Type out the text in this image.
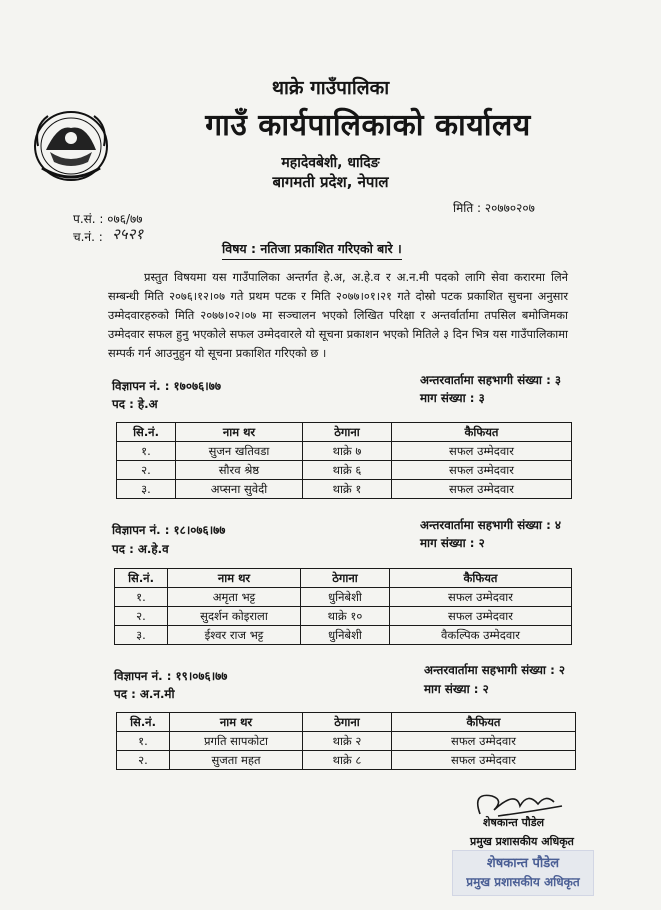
थाक्रे गाउँपालिका
गाउँ कार्यपालिकाको कार्यालय
महादेवबेशी, धादिङ
बागमती प्रदेश, नेपाल
मिति : २०७७०२०७
प.सं. : ०७६/७७
च.नं. : २५२१
विषय : नतिजा प्रकाशित गरिएको बारे ।
प्रस्तुत विषयमा यस गाउँपालिका अन्तर्गत हे.अ, अ.हे.व र अ.न.मी पदको लागि सेवा करारमा लिने सम्बन्धी मिति २०७६।१२।०७ गते प्रथम पटक र मिति २०७७।०१।२१ गते दोस्रो पटक प्रकाशित सुचना अनुसार उम्मेदवारहरुको मिति २०७७।०२।०७ मा सञ्चालन भएको लिखित परिक्षा र अन्तर्वार्तामा तपसिल बमोजिमका उम्मेदवार सफल हुनु भएकोले सफल उम्मेदवारले यो सूचना प्रकाशन भएको मितिले ३ दिन भित्र यस गाउँपालिकामा सम्पर्क गर्न आउनुहुन यो सूचना प्रकाशित गरिएको छ ।
विज्ञापन नं. : १७०७६।७७
पद : हे.अ
अन्तरवार्तामा सहभागी संख्या : ३
माग संख्या : ३
सि.नं.	नाम थर	ठेगाना	कैफियत
१.	सुजन खतिवडा	थाक्रे ७	सफल उम्मेदवार
२.	सौरव श्रेष्ठ	थाक्रे ६	सफल उम्मेदवार
३.	अप्सना सुवेदी	थाक्रे १	सफल उम्मेदवार
विज्ञापन नं. : १८।०७६।७७
पद : अ.हे.व
अन्तरवार्तामा सहभागी संख्या : ४
माग संख्या : २
सि.नं.	नाम थर	ठेगाना	कैफियत
१.	अमृता भट्ट	धुनिबेशी	सफल उम्मेदवार
२.	सुदर्शन कोइराला	थाक्रे १०	सफल उम्मेदवार
३.	ईश्वर राज भट्ट	धुनिबेशी	वैकल्पिक उम्मेदवार
विज्ञापन नं. : १९।०७६।७७
पद : अ.न.मी
अन्तरवार्तामा सहभागी संख्या : २
माग संख्या : २
सि.नं.	नाम थर	ठेगाना	कैफियत
१.	प्रगति सापकोटा	थाक्रे २	सफल उम्मेदवार
२.	सुजता महत	थाक्रे ८	सफल उम्मेदवार
शेषकान्त पौडेल
प्रमुख प्रशासकीय अधिकृत
शेषकान्त पौडेल
प्रमुख प्रशासकीय अधिकृत
